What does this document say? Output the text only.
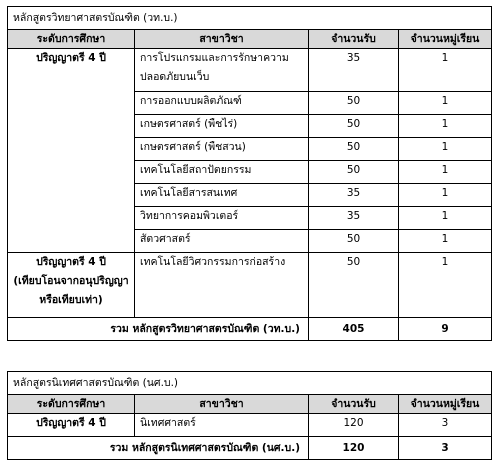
หลักสูตรวิทยาศาสตรบัณฑิต (วท.บ.)			
ระดับการศึกษา	สาขาวิชา	จำนวนรับ	จำนวนหมู่เรียน
ปริญญาตรี 4 ปี	การโปรแกรมและการรักษาความปลอดภัยบนเว็บ	35	1
	การออกแบบผลิตภัณฑ์	50	1
	เกษตรศาสตร์ (พืชไร่)	50	1
	เกษตรศาสตร์ (พืชสวน)	50	1
	เทคโนโลยีสถาปัตยกรรม	50	1
	เทคโนโลยีสารสนเทศ	35	1
	วิทยาการคอมพิวเตอร์	35	1
	สัตวศาสตร์	50	1

ปริญญาตรี 4 ปี
(เทียบโอนจากอนุปริญญา
หรือเทียบเท่า)	เทคโนโลยีวิศวกรรมการก่อสร้าง	50	1
รวม หลักสูตรวิทยาศาสตรบัณฑิต (วท.บ.)		405	9
หลักสูตรนิเทศศาสตรบัณฑิต (นศ.บ.)			
ระดับการศึกษา	สาขาวิชา	จำนวนรับ	จำนวนหมู่เรียน
ปริญญาตรี 4 ปี	นิเทศศาสตร์	120	3
รวม หลักสูตรนิเทศศาสตรบัณฑิต (นศ.บ.)		120	3
